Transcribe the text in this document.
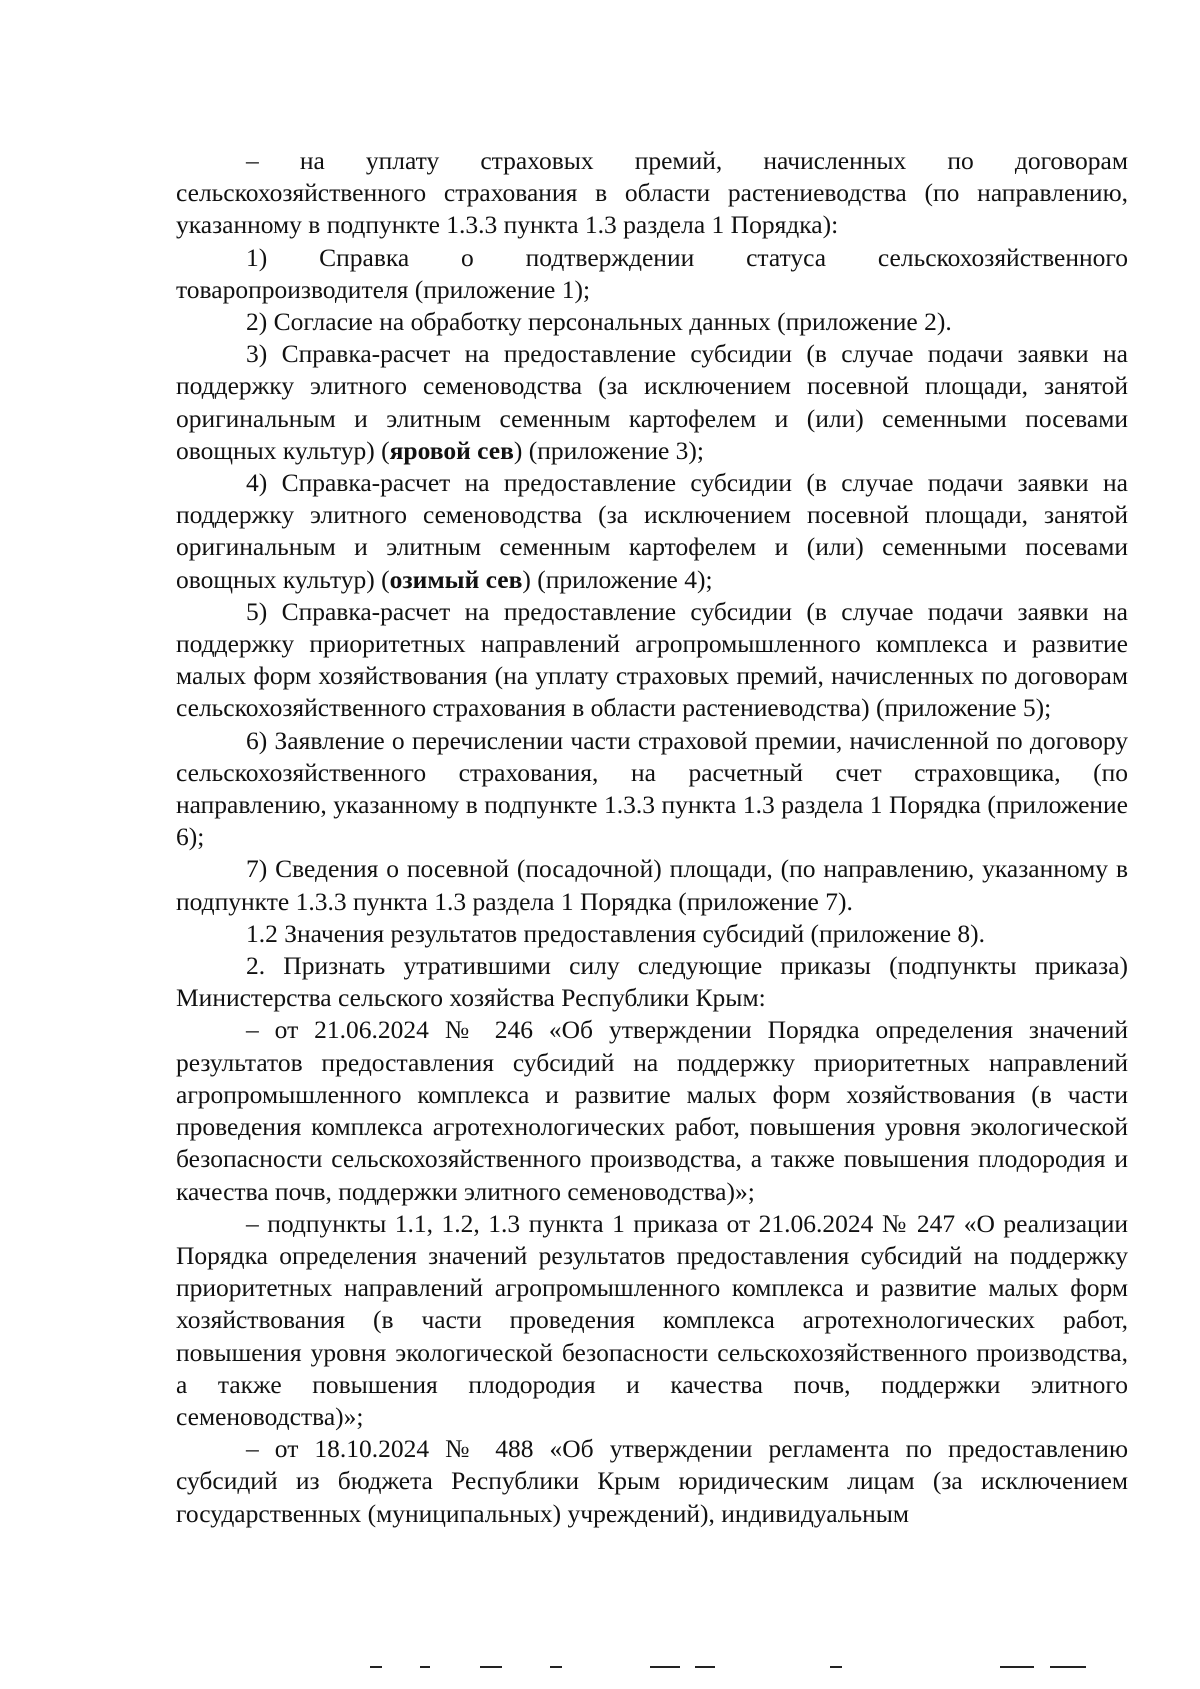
– на уплату страховых премий, начисленных по договорам сельскохозяйственного страхования в области растениеводства (по направлению, указанному в подпункте 1.3.3 пункта 1.3 раздела 1 Порядка):

1) Справка о подтверждении статуса сельскохозяйственного товаропроизводителя (приложение 1);

2) Согласие на обработку персональных данных (приложение 2).

3) Справка-расчет на предоставление субсидии (в случае подачи заявки на поддержку элитного семеноводства (за исключением посевной площади, занятой оригинальным и элитным семенным картофелем и (или) семенными посевами овощных культур) (яровой сев) (приложение 3);

4) Справка-расчет на предоставление субсидии (в случае подачи заявки на поддержку элитного семеноводства (за исключением посевной площади, занятой оригинальным и элитным семенным картофелем и (или) семенными посевами овощных культур) (озимый сев) (приложение 4);

5) Справка-расчет на предоставление субсидии (в случае подачи заявки на поддержку приоритетных направлений агропромышленного комплекса и развитие малых форм хозяйствования (на уплату страховых премий, начисленных по договорам сельскохозяйственного страхования в области растениеводства) (приложение 5);

6) Заявление о перечислении части страховой премии, начисленной по договору сельскохозяйственного страхования, на расчетный счет страховщика, (по направлению, указанному в подпункте 1.3.3 пункта 1.3 раздела 1 Порядка (приложение 6);

7) Сведения о посевной (посадочной) площади, (по направлению, указанному в подпункте 1.3.3 пункта 1.3 раздела 1 Порядка (приложение 7).

1.2 Значения результатов предоставления субсидий (приложение 8).

2. Признать утратившими силу следующие приказы (подпункты приказа) Министерства сельского хозяйства Республики Крым:

– от 21.06.2024 № 246 «Об утверждении Порядка определения значений результатов предоставления субсидий на поддержку приоритетных направлений агропромышленного комплекса и развитие малых форм хозяйствования (в части проведения комплекса агротехнологических работ, повышения уровня экологической безопасности сельскохозяйственного производства, а также повышения плодородия и качества почв, поддержки элитного семеноводства)»;

– подпункты 1.1, 1.2, 1.3 пункта 1 приказа от 21.06.2024 № 247 «О реализации Порядка определения значений результатов предоставления субсидий на поддержку приоритетных направлений агропромышленного комплекса и развитие малых форм хозяйствования (в части проведения комплекса агротехнологических работ, повышения уровня экологической безопасности сельскохозяйственного производства, а также повышения плодородия и качества почв, поддержки элитного семеноводства)»;

– от 18.10.2024 № 488 «Об утверждении регламента по предоставлению субсидий из бюджета Республики Крым юридическим лицам (за исключением государственных (муниципальных) учреждений), индивидуальным
